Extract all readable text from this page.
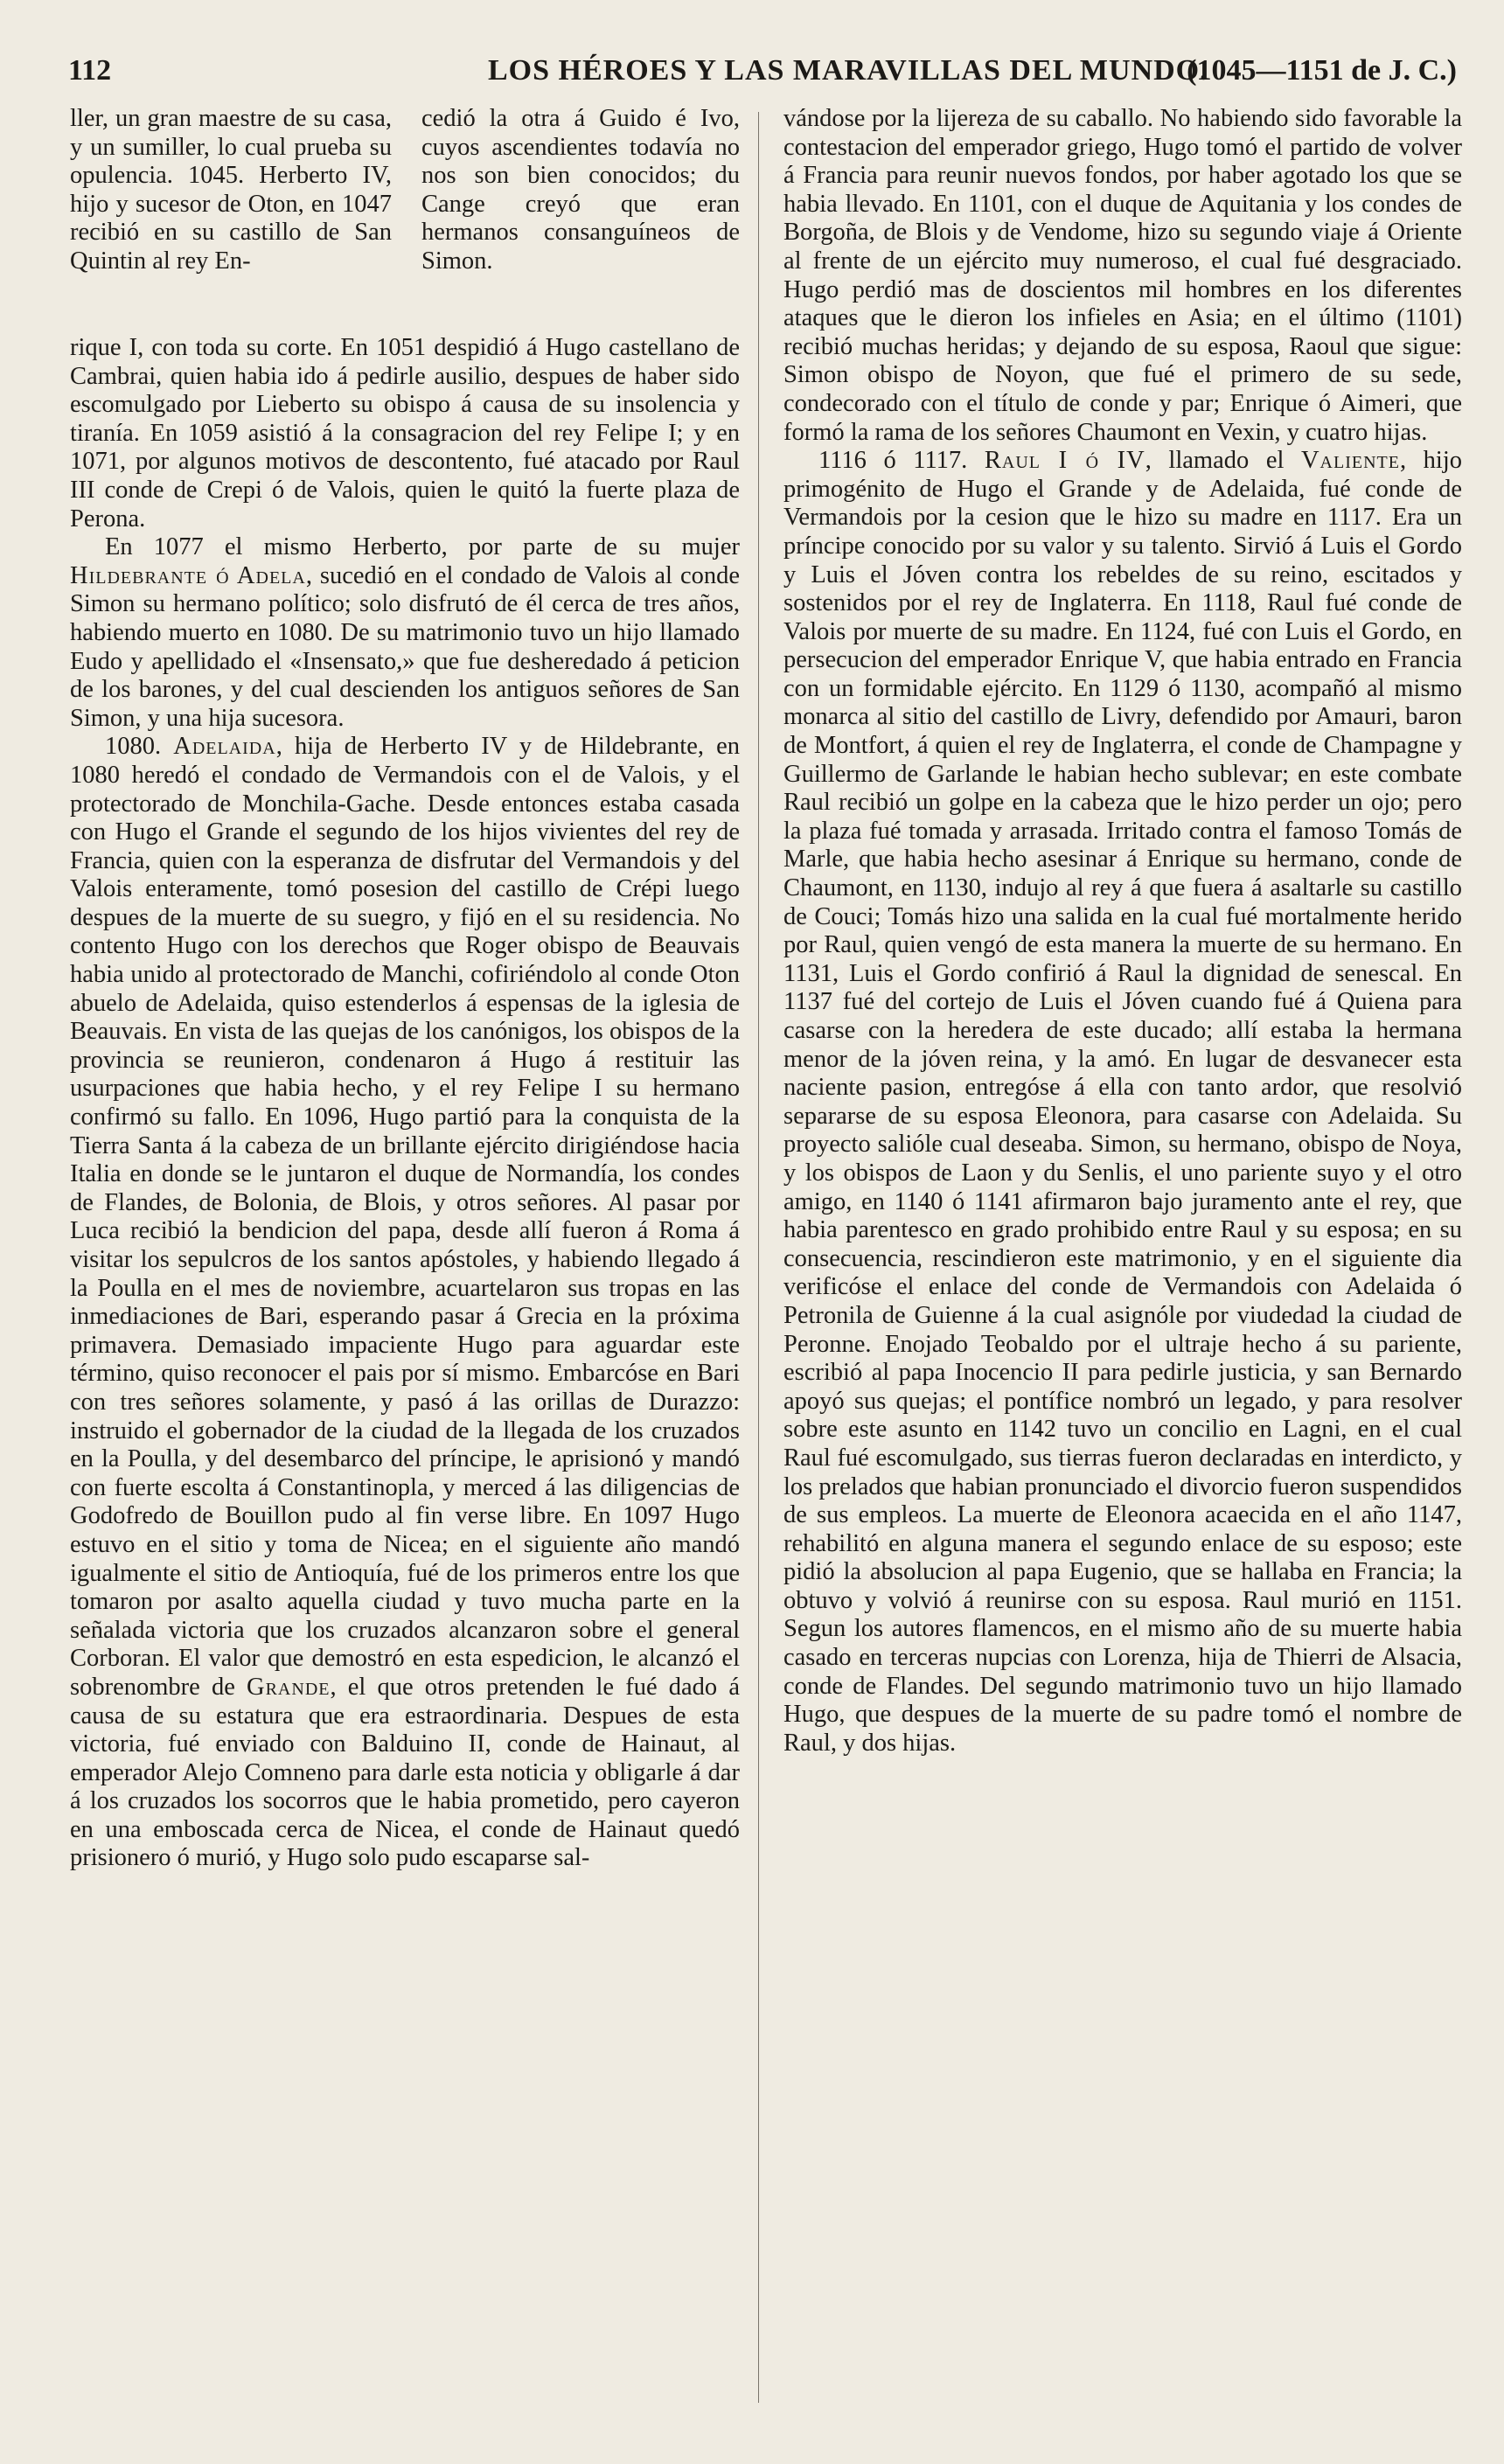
112	LOS HÉROES Y LAS MARAVILLAS DEL MUNDO.
(1045—1151 de J. C.)

ller, un gran maestre de su casa, y un sumiller, lo cual prueba su opulencia. 1045. Herberto IV, hijo y sucesor de Oton, en 1047 recibió en su castillo de San Quintin al rey En-

cedió la otra á Guido é Ivo, cuyos ascendientes todavía no nos son bien conocidos; du Cange creyó que eran hermanos consanguíneos de Simon.

rique I, con toda su corte. En 1051 despidió á Hugo castellano de Cambrai, quien habia ido á pedirle ausilio, despues de haber sido escomulgado por Lieberto su obispo á causa de su insolencia y tiranía. En 1059 asistió á la consagracion del rey Felipe I; y en 1071, por algunos motivos de descontento, fué atacado por Raul III conde de Crepi ó de Valois, quien le quitó la fuerte plaza de Perona.

En 1077 el mismo Herberto, por parte de su mujer Hildebrante ó Adela, sucedió en el condado de Valois al conde Simon su hermano político; solo disfrutó de él cerca de tres años, habiendo muerto en 1080. De su matrimonio tuvo un hijo llamado Eudo y apellidado el «Insensato,» que fue desheredado á peticion de los barones, y del cual descienden los antiguos señores de San Simon, y una hija sucesora.

1080. Adelaida, hija de Herberto IV y de Hildebrante, en 1080 heredó el condado de Vermandois con el de Valois, y el protectorado de Monchila-Gache. Desde entonces estaba casada con Hugo el Grande el segundo de los hijos vivientes del rey de Francia, quien con la esperanza de disfrutar del Vermandois y del Valois enteramente, tomó posesion del castillo de Crépi luego despues de la muerte de su suegro, y fijó en el su residencia. No contento Hugo con los derechos que Roger obispo de Beauvais habia unido al protectorado de Manchi, cofiriéndolo al conde Oton abuelo de Adelaida, quiso estenderlos á espensas de la iglesia de Beauvais. En vista de las quejas de los canónigos, los obispos de la provincia se reunieron, condenaron á Hugo á restituir las usurpaciones que habia hecho, y el rey Felipe I su hermano confirmó su fallo. En 1096, Hugo partió para la conquista de la Tierra Santa á la cabeza de un brillante ejército dirigiéndose hacia Italia en donde se le juntaron el duque de Normandía, los condes de Flandes, de Bolonia, de Blois, y otros señores. Al pasar por Luca recibió la bendicion del papa, desde allí fueron á Roma á visitar los sepulcros de los santos apóstoles, y habiendo llegado á la Poulla en el mes de noviembre, acuartelaron sus tropas en las inmediaciones de Bari, esperando pasar á Grecia en la próxima primavera. Demasiado impaciente Hugo para aguardar este término, quiso reconocer el pais por sí mismo. Embarcóse en Bari con tres señores solamente, y pasó á las orillas de Durazzo: instruido el gobernador de la ciudad de la llegada de los cruzados en la Poulla, y del desembarco del príncipe, le aprisionó y mandó con fuerte escolta á Constantinopla, y merced á las diligencias de Godofredo de Bouillon pudo al fin verse libre. En 1097 Hugo estuvo en el sitio y toma de Nicea; en el siguiente año mandó igualmente el sitio de Antioquía, fué de los primeros entre los que tomaron por asalto aquella ciudad y tuvo mucha parte en la señalada victoria que los cruzados alcanzaron sobre el general Corboran. El valor que demostró en esta espedicion, le alcanzó el sobrenombre de Grande, el que otros pretenden le fué dado á causa de su estatura que era estraordinaria. Despues de esta victoria, fué enviado con Balduino II, conde de Hainaut, al emperador Alejo Comneno para darle esta noticia y obligarle á dar á los cruzados los socorros que le habia prometido, pero cayeron en una emboscada cerca de Nicea, el conde de Hainaut quedó prisionero ó murió, y Hugo solo pudo escaparse sal-

vándose por la lijereza de su caballo. No habiendo sido favorable la contestacion del emperador griego, Hugo tomó el partido de volver á Francia para reunir nuevos fondos, por haber agotado los que se habia llevado. En 1101, con el duque de Aquitania y los condes de Borgoña, de Blois y de Vendome, hizo su segundo viaje á Oriente al frente de un ejército muy numeroso, el cual fué desgraciado. Hugo perdió mas de doscientos mil hombres en los diferentes ataques que le dieron los infieles en Asia; en el último (1101) recibió muchas heridas; y dejando de su esposa, Raoul que sigue: Simon obispo de Noyon, que fué el primero de su sede, condecorado con el título de conde y par; Enrique ó Aimeri, que formó la rama de los señores Chaumont en Vexin, y cuatro hijas.

1116 ó 1117. Raul I ó IV, llamado el Valiente, hijo primogénito de Hugo el Grande y de Adelaida, fué conde de Vermandois por la cesion que le hizo su madre en 1117. Era un príncipe conocido por su valor y su talento. Sirvió á Luis el Gordo y Luis el Jóven contra los rebeldes de su reino, escitados y sostenidos por el rey de Inglaterra. En 1118, Raul fué conde de Valois por muerte de su madre. En 1124, fué con Luis el Gordo, en persecucion del emperador Enrique V, que habia entrado en Francia con un formidable ejército. En 1129 ó 1130, acompañó al mismo monarca al sitio del castillo de Livry, defendido por Amauri, baron de Montfort, á quien el rey de Inglaterra, el conde de Champagne y Guillermo de Garlande le habian hecho sublevar; en este combate Raul recibió un golpe en la cabeza que le hizo perder un ojo; pero la plaza fué tomada y arrasada. Irritado contra el famoso Tomás de Marle, que habia hecho asesinar á Enrique su hermano, conde de Chaumont, en 1130, indujo al rey á que fuera á asaltarle su castillo de Couci; Tomás hizo una salida en la cual fué mortalmente herido por Raul, quien vengó de esta manera la muerte de su hermano. En 1131, Luis el Gordo confirió á Raul la dignidad de senescal. En 1137 fué del cortejo de Luis el Jóven cuando fué á Quiena para casarse con la heredera de este ducado; allí estaba la hermana menor de la jóven reina, y la amó. En lugar de desvanecer esta naciente pasion, entregóse á ella con tanto ardor, que resolvió separarse de su esposa Eleonora, para casarse con Adelaida. Su proyecto salióle cual deseaba. Simon, su hermano, obispo de Noya, y los obispos de Laon y du Senlis, el uno pariente suyo y el otro amigo, en 1140 ó 1141 afirmaron bajo juramento ante el rey, que habia parentesco en grado prohibido entre Raul y su esposa; en su consecuencia, rescindieron este matrimonio, y en el siguiente dia verificóse el enlace del conde de Vermandois con Adelaida ó Petronila de Guienne á la cual asignóle por viudedad la ciudad de Peronne. Enojado Teobaldo por el ultraje hecho á su pariente, escribió al papa Inocencio II para pedirle justicia, y san Bernardo apoyó sus quejas; el pontífice nombró un legado, y para resolver sobre este asunto en 1142 tuvo un concilio en Lagni, en el cual Raul fué escomulgado, sus tierras fueron declaradas en interdicto, y los prelados que habian pronunciado el divorcio fueron suspendidos de sus empleos. La muerte de Eleonora acaecida en el año 1147, rehabilitó en alguna manera el segundo enlace de su esposo; este pidió la absolucion al papa Eugenio, que se hallaba en Francia; la obtuvo y volvió á reunirse con su esposa. Raul murió en 1151. Segun los autores flamencos, en el mismo año de su muerte habia casado en terceras nupcias con Lorenza, hija de Thierri de Alsacia, conde de Flandes. Del segundo matrimonio tuvo un hijo llamado Hugo, que despues de la muerte de su padre tomó el nombre de Raul, y dos hijas.
